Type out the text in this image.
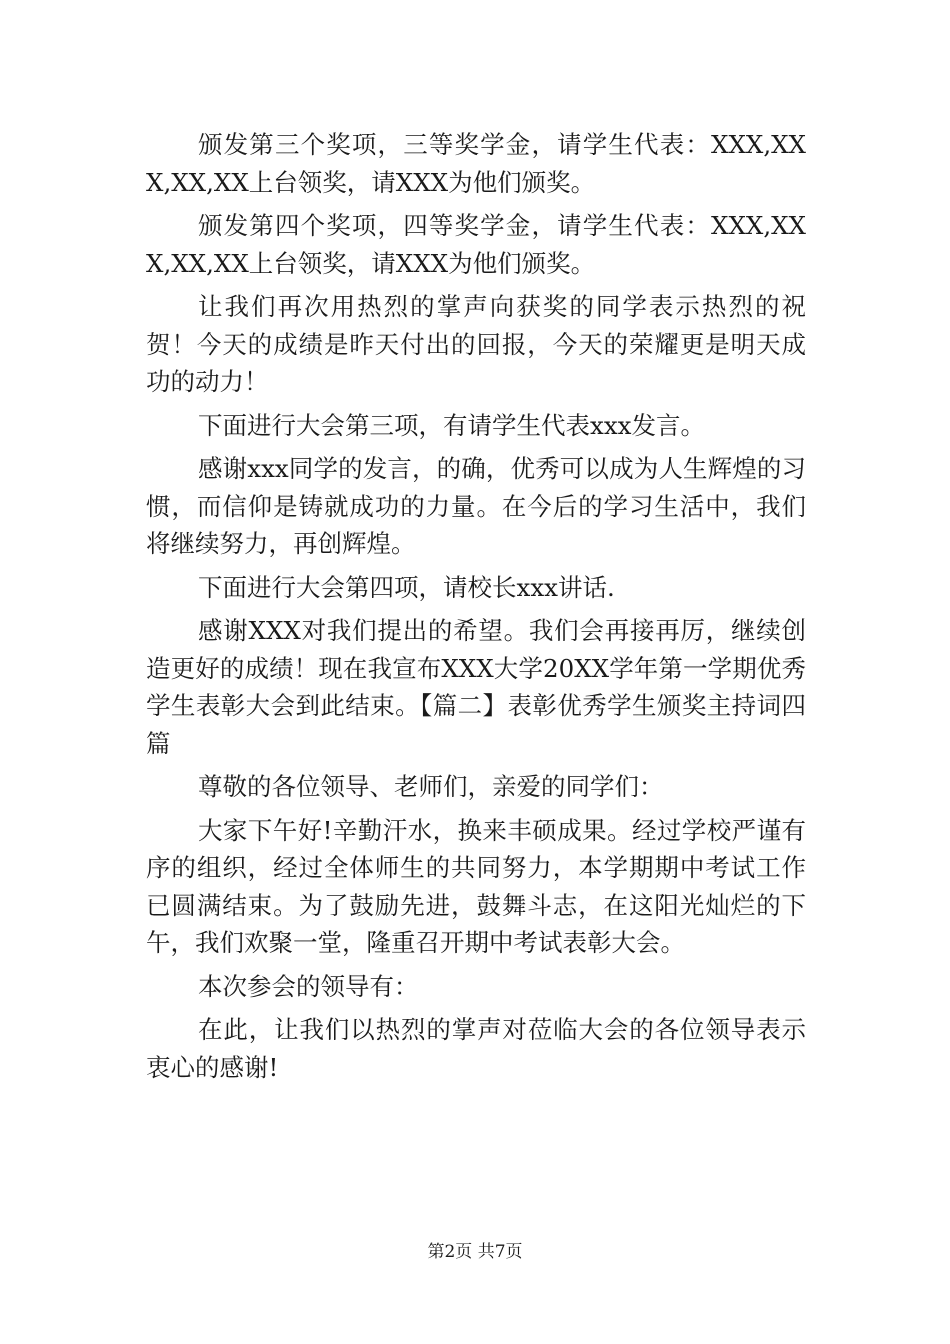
颁发第三个奖项，三等奖学金，请学生代表：XXX,XXX,XX,XX上台领奖，请XXX为他们颁奖。

颁发第四个奖项，四等奖学金，请学生代表：XXX,XXX,XX,XX上台领奖，请XXX为他们颁奖。

让我们再次用热烈的掌声向获奖的同学表示热烈的祝贺！今天的成绩是昨天付出的回报，今天的荣耀更是明天成功的动力！

下面进行大会第三项，有请学生代表xxx发言。

感谢xxx同学的发言，的确，优秀可以成为人生辉煌的习惯，而信仰是铸就成功的力量。在今后的学习生活中，我们将继续努力，再创辉煌。

下面进行大会第四项，请校长xxx讲话.

感谢XXX对我们提出的希望。我们会再接再厉，继续创造更好的成绩！现在我宣布XXX大学20XX学年第一学期优秀学生表彰大会到此结束。【篇二】表彰优秀学生颁奖主持词四篇

尊敬的各位领导、老师们，亲爱的同学们：

大家下午好!辛勤汗水，换来丰硕成果。经过学校严谨有序的组织，经过全体师生的共同努力，本学期期中考试工作已圆满结束。为了鼓励先进，鼓舞斗志，在这阳光灿烂的下午，我们欢聚一堂，隆重召开期中考试表彰大会。

本次参会的领导有：

在此，让我们以热烈的掌声对莅临大会的各位领导表示衷心的感谢!

第2页 共7页
